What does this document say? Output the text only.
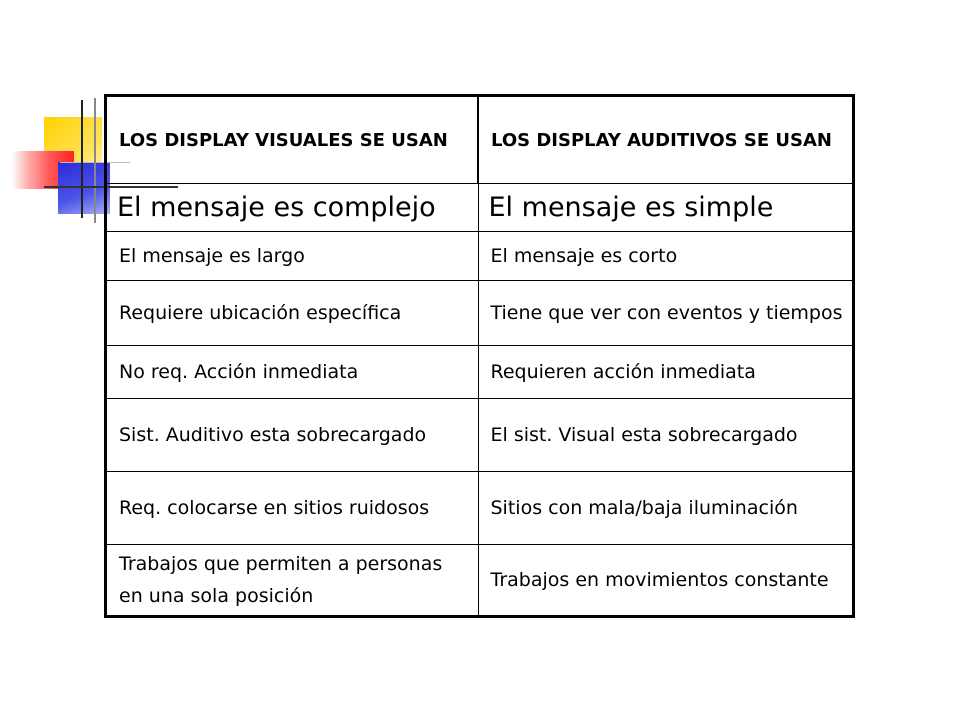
LOS DISPLAY VISUALES SE USAN	LOS DISPLAY AUDITIVOS SE USAN
El mensaje es complejo	El mensaje es simple
El mensaje es largo	El mensaje es corto
Requiere ubicación específica	Tiene que ver con eventos y tiempos
No req. Acción inmediata	Requieren acción inmediata
Sist. Auditivo esta sobrecargado	El sist. Visual esta sobrecargado
Req. colocarse en sitios ruidosos	Sitios con mala/baja iluminación
Trabajos que permiten a personas en una sola posición	Trabajos en movimientos constante
